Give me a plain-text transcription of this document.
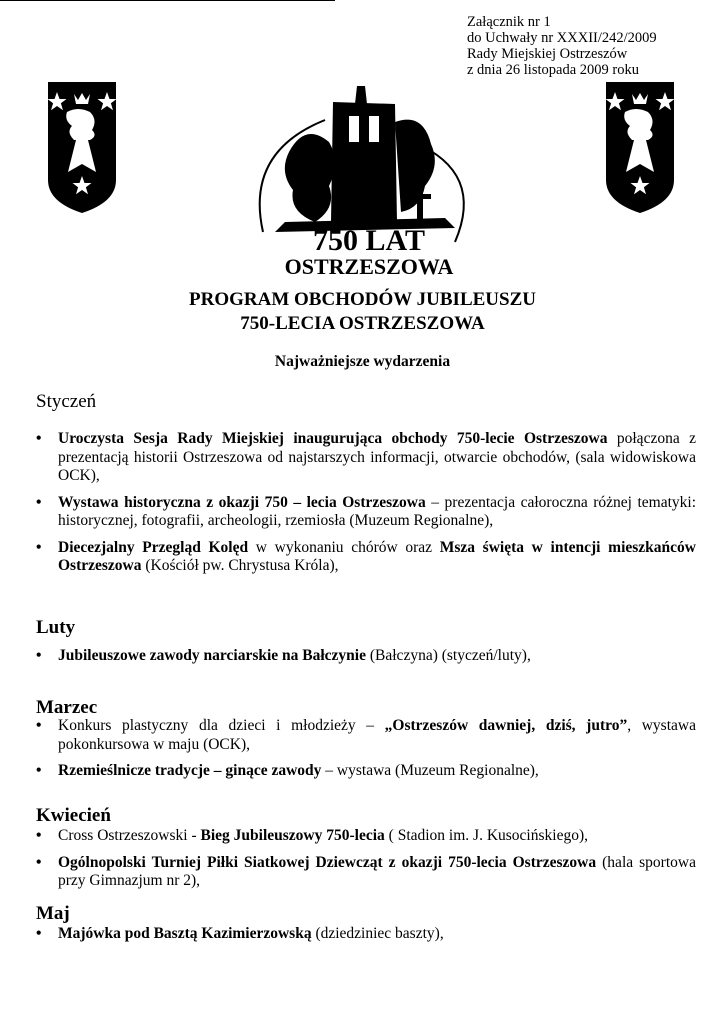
Załącznik nr 1
do Uchwały nr XXXII/242/2009
Rady Miejskiej Ostrzeszów
z dnia 26 listopada 2009 roku
750 LAT
OSTRZESZOWA
PROGRAM OBCHODÓW JUBILEUSZU
750-LECIA OSTRZESZOWA
Najważniejsze wydarzenia
Styczeń
• Uroczysta Sesja Rady Miejskiej inaugurująca obchody 750-lecie Ostrzeszowa połączona z prezentacją historii Ostrzeszowa od najstarszych informacji, otwarcie obchodów, (sala widowiskowa OCK),
• Wystawa historyczna z okazji 750 – lecia Ostrzeszowa – prezentacja całoroczna różnej tematyki: historycznej, fotografii, archeologii, rzemiosła (Muzeum Regionalne),
• Diecezjalny Przegląd Kolęd w wykonaniu chórów oraz Msza święta w intencji mieszkańców Ostrzeszowa (Kościół pw. Chrystusa Króla),
Luty
• Jubileuszowe zawody narciarskie na Bałczynie (Bałczyna) (styczeń/luty),
Marzec
• Konkurs plastyczny dla dzieci i młodzieży – „Ostrzeszów dawniej, dziś, jutro”, wystawa pokonkursowa w maju (OCK),
• Rzemieślnicze tradycje – ginące zawody – wystawa (Muzeum Regionalne),
Kwiecień
• Cross Ostrzeszowski - Bieg Jubileuszowy 750-lecia ( Stadion im. J. Kusocińskiego),
• Ogólnopolski Turniej Piłki Siatkowej Dziewcząt z okazji 750-lecia Ostrzeszowa (hala sportowa przy Gimnazjum nr 2),
Maj
• Majówka pod Basztą Kazimierzowską (dziedziniec baszty),
